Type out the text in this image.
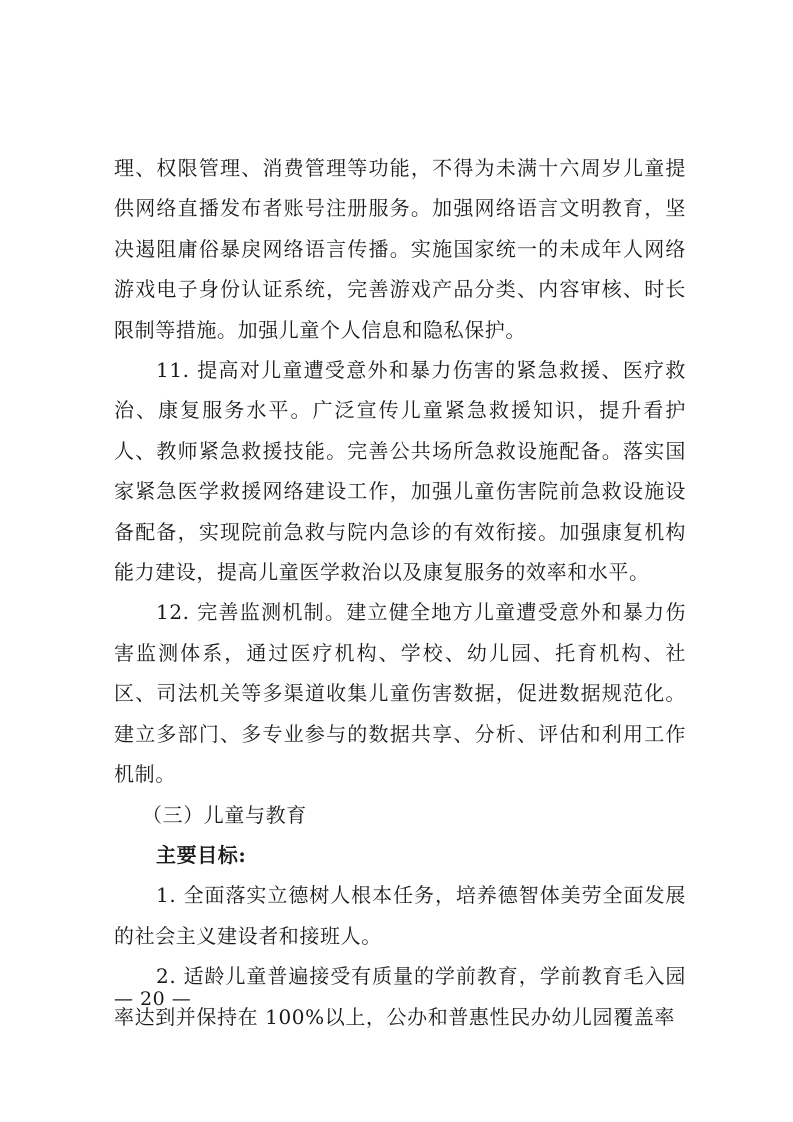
理、权限管理、消费管理等功能，不得为未满十六周岁儿童提供网络直播发布者账号注册服务。加强网络语言文明教育，坚决遏阻庸俗暴戾网络语言传播。实施国家统一的未成年人网络游戏电子身份认证系统，完善游戏产品分类、内容审核、时长限制等措施。加强儿童个人信息和隐私保护。

11. 提高对儿童遭受意外和暴力伤害的紧急救援、医疗救治、康复服务水平。广泛宣传儿童紧急救援知识，提升看护人、教师紧急救援技能。完善公共场所急救设施配备。落实国家紧急医学救援网络建设工作，加强儿童伤害院前急救设施设备配备，实现院前急救与院内急诊的有效衔接。加强康复机构能力建设，提高儿童医学救治以及康复服务的效率和水平。

12. 完善监测机制。建立健全地方儿童遭受意外和暴力伤害监测体系，通过医疗机构、学校、幼儿园、托育机构、社区、司法机关等多渠道收集儿童伤害数据，促进数据规范化。建立多部门、多专业参与的数据共享、分析、评估和利用工作机制。

（三）儿童与教育

主要目标:

1. 全面落实立德树人根本任务，培养德智体美劳全面发展的社会主义建设者和接班人。

2. 适龄儿童普遍接受有质量的学前教育，学前教育毛入园率达到并保持在 100%以上，公办和普惠性民办幼儿园覆盖率

— 20 —
